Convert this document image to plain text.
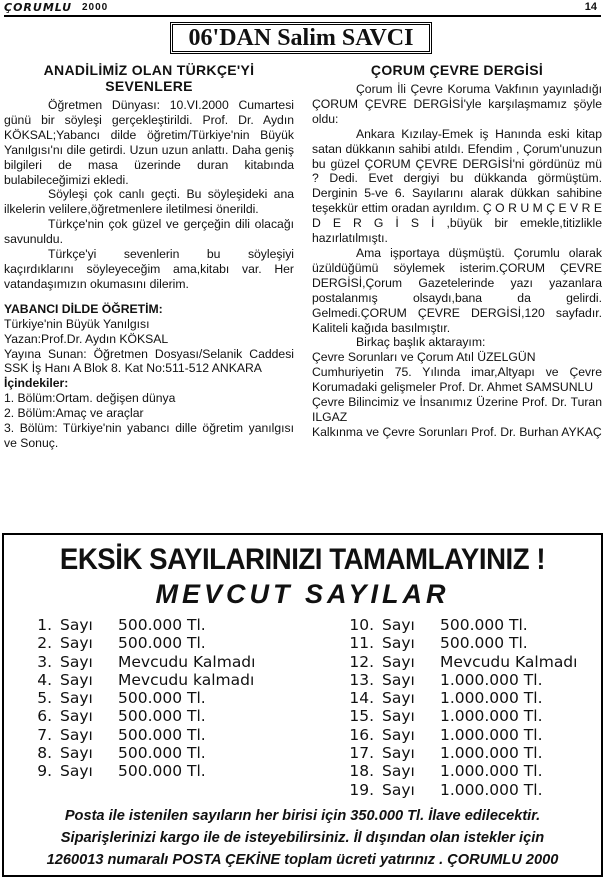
ÇORUMLU 2000	14
06'DAN Salim SAVCI
ANADİLİMİZ OLAN TÜRKÇE'Yİ
SEVENLERE

Öğretmen Dünyası: 10.VI.2000 Cumartesi günü bir söyleşi gerçekleştirildi. Prof. Dr. Aydın KÖKSAL;Yabancı dilde öğretim/Türkiye'nin Büyük Yanılgısı'nı dile getirdi. Uzun uzun anlattı. Daha geniş bilgileri de masa üzerinde duran kitabında bulabileceğimizi ekledi.

Söyleşi çok canlı geçti. Bu söyleşideki ana ilkelerin velilere,öğretmenlere iletilmesi önerildi.

Türkçe'nin çok güzel ve gerçeğin dili olacağı savunuldu.

Türkçe'yi sevenlerin bu söyleşiyi kaçırdıklarını söyleyeceğim ama,kitabı var. Her vatandaşımızın okumasını dilerim.

YABANCI DİLDE ÖĞRETİM:

Türkiye'nin Büyük Yanılgısı

Yazan:Prof.Dr. Aydın KÖKSAL

Yayına Sunan: Öğretmen Dosyası/Selanik Caddesi SSK İş Hanı A Blok 8. Kat No:511-512 ANKARA

İçindekiler:

1. Bölüm:Ortam. değişen dünya

2. Bölüm:Amaç ve araçlar

3. Bölüm: Türkiye'nin yabancı dille öğretim yanılgısı ve Sonuç.

ÇORUM ÇEVRE DERGİSİ

Çorum İli Çevre Koruma Vakfının yayınladığı ÇORUM ÇEVRE DERGİSİ'yle karşılaşmamız şöyle oldu:

Ankara Kızılay-Emek iş Hanında eski kitap satan dükkanın sahibi atıldı. Efendim , Çorum'unuzun bu güzel ÇORUM ÇEVRE DERGİSİ'ni gördünüz mü ? Dedi. Evet dergiyi bu dükkanda görmüştüm. Derginin 5-ve 6. Sayılarını alarak dükkan sahibine teşekkür ettim oradan ayrıldım. Ç O R U M Ç E V R E D E R G İ S İ ,büyük bir emekle,titizlikle hazırlatılmıştı.

Ama işportaya düşmüştü. Çorumlu olarak üzüldüğümü söylemek isterim.ÇORUM ÇEVRE DERGİSİ,Çorum Gazetelerinde yazı yazanlara postalanmış olsaydı,bana da gelirdi. Gelmedi.ÇORUM ÇEVRE DERGİSİ,120 sayfadır. Kaliteli kağıda basılmıştır.

Birkaç başlık aktarayım:

Çevre Sorunları ve Çorum Atıl ÜZELGÜN

Cumhuriyetin 75. Yılında imar,Altyapı ve Çevre Korumadaki gelişmeler Prof. Dr. Ahmet SAMSUNLU

Çevre Bilincimiz ve İnsanımız Üzerine Prof. Dr. Turan ILGAZ

Kalkınma ve Çevre Sorunları Prof. Dr. Burhan AYKAÇ

EKSİK SAYILARINIZI TAMAMLAYINIZ !
MEVCUT SAYILAR
1. Sayı	500.000 Tl.
2. Sayı	500.000 Tl.
3. Sayı	Mevcudu Kalmadı
4. Sayı	Mevcudu kalmadı
5. Sayı	500.000 Tl.
6. Sayı	500.000 Tl.
7. Sayı	500.000 Tl.
8. Sayı	500.000 Tl.
9. Sayı	500.000 Tl.
10. Sayı	500.000 Tl.
11. Sayı	500.000 Tl.
12. Sayı	Mevcudu Kalmadı
13. Sayı	1.000.000 Tl.
14. Sayı	1.000.000 Tl.
15. Sayı	1.000.000 Tl.
16. Sayı	1.000.000 Tl.
17. Sayı	1.000.000 Tl.
18. Sayı	1.000.000 Tl.
19. Sayı	1.000.000 Tl.
Posta ile istenilen sayıların her birisi için 350.000 Tl. İlave edilecektir.
Siparişlerinizi kargo ile de isteyebilirsiniz. İl dışından olan istekler için
1260013 numaralı POSTA ÇEKİNE toplam ücreti yatırınız . ÇORUMLU 2000
